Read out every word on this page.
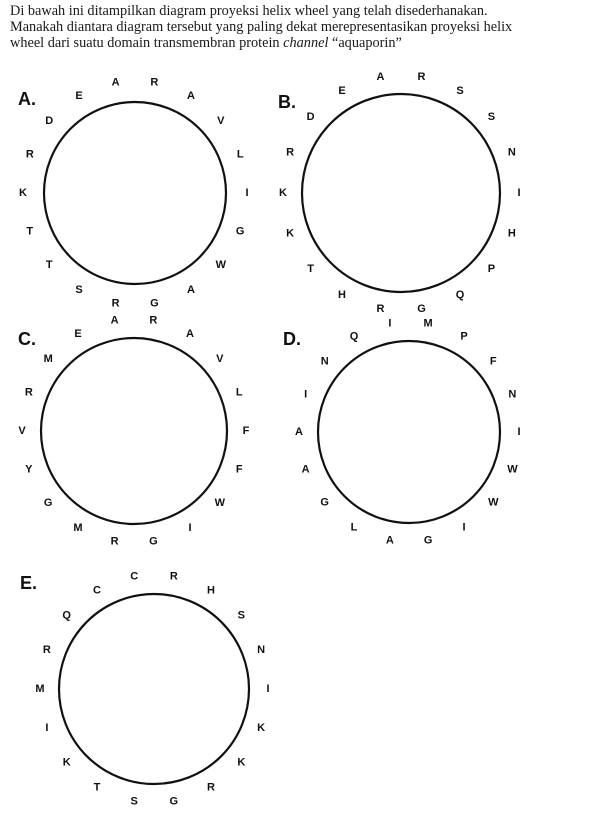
Di bawah ini ditampilkan diagram proyeksi helix wheel yang telah disederhanakan.

Manakah diantara diagram tersebut yang paling dekat merepresentasikan proyeksi helix

wheel dari suatu domain transmembran protein channel “aquaporin”

A.	B.
C.	D.
E.
A	R
A
V
L
I
G
W
A
G
R
S
T
T
K
R
D
E
A	R
S
S
N
I
H
P
Q
G
R
H
T
K
K
R
D
E
A	R
A
V
L
F
F
W
I
G
R
M
G
Y
V
R
M
E
I	M
P
F
N
I
W
W
I
G
A
L
G
A
A
I
N
Q
C	R
H
S
N
I
K
K
R
G
S
T
K
I
M
R
Q
C
